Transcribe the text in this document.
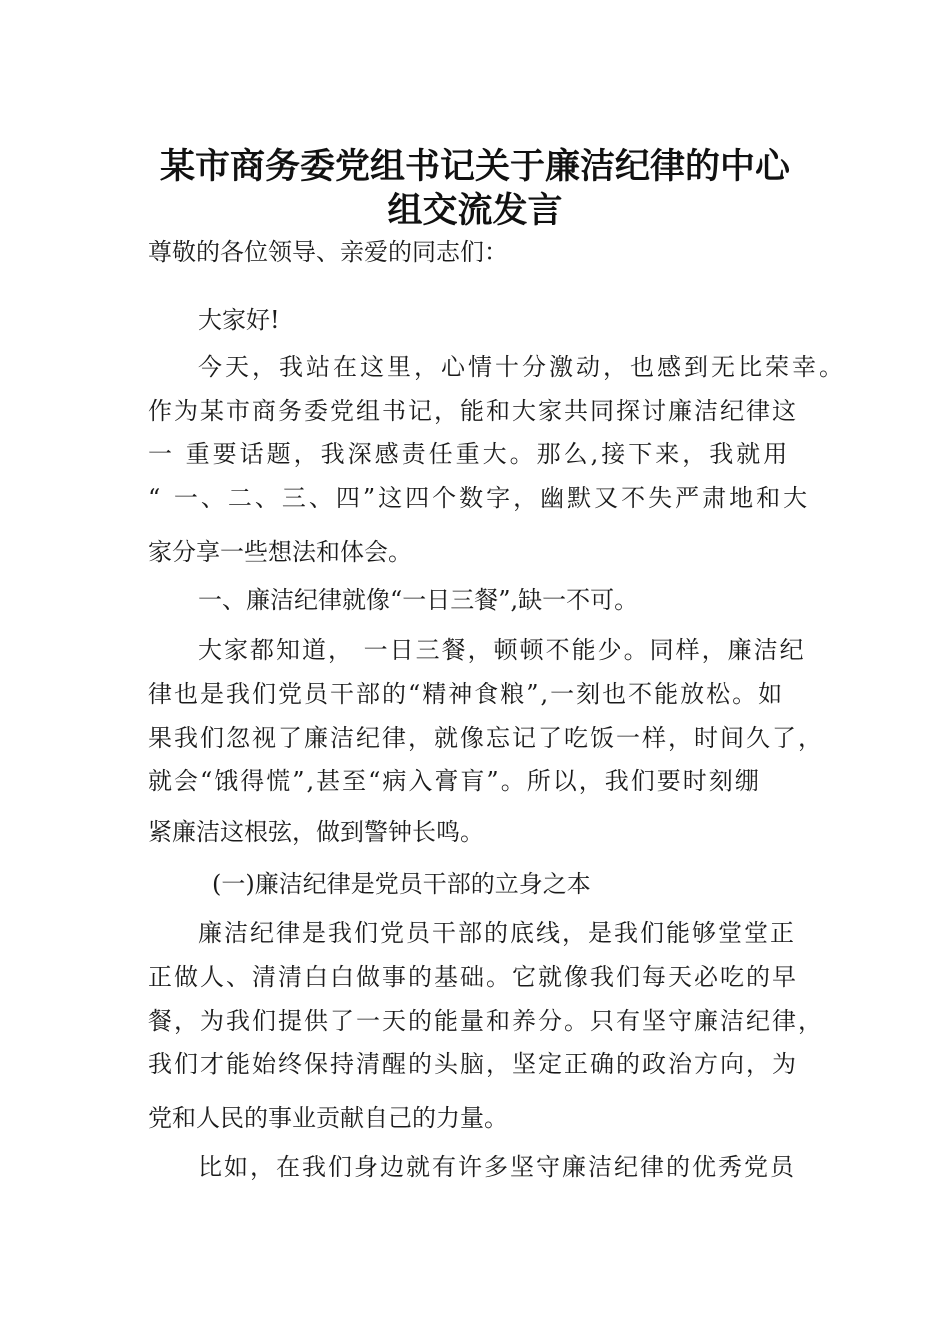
某市商务委党组书记关于廉洁纪律的中心
组交流发言
尊敬的各位领导、亲爱的同志们：
大家好!
今天，我站在这里，心情十分激动，也感到无比荣幸。
作为某市商务委党组书记，能和大家共同探讨廉洁纪律这
一 重要话题，我深感责任重大。那么,接下来，我就用
“ 一、二、三、四”这四个数字，幽默又不失严肃地和大
家分享一些想法和体会。
一、廉洁纪律就像“一日三餐”,缺一不可。
大家都知道， 一日三餐，顿顿不能少。同样，廉洁纪
律也是我们党员干部的“精神食粮”,一刻也不能放松。如
果我们忽视了廉洁纪律，就像忘记了吃饭一样，时间久了，
就会“饿得慌”,甚至“病入膏肓”。所以，我们要时刻绷
紧廉洁这根弦，做到警钟长鸣。
(一)廉洁纪律是党员干部的立身之本
廉洁纪律是我们党员干部的底线，是我们能够堂堂正
正做人、清清白白做事的基础。它就像我们每天必吃的早
餐，为我们提供了一天的能量和养分。只有坚守廉洁纪律，
我们才能始终保持清醒的头脑，坚定正确的政治方向，为
党和人民的事业贡献自己的力量。
比如，在我们身边就有许多坚守廉洁纪律的优秀党员
